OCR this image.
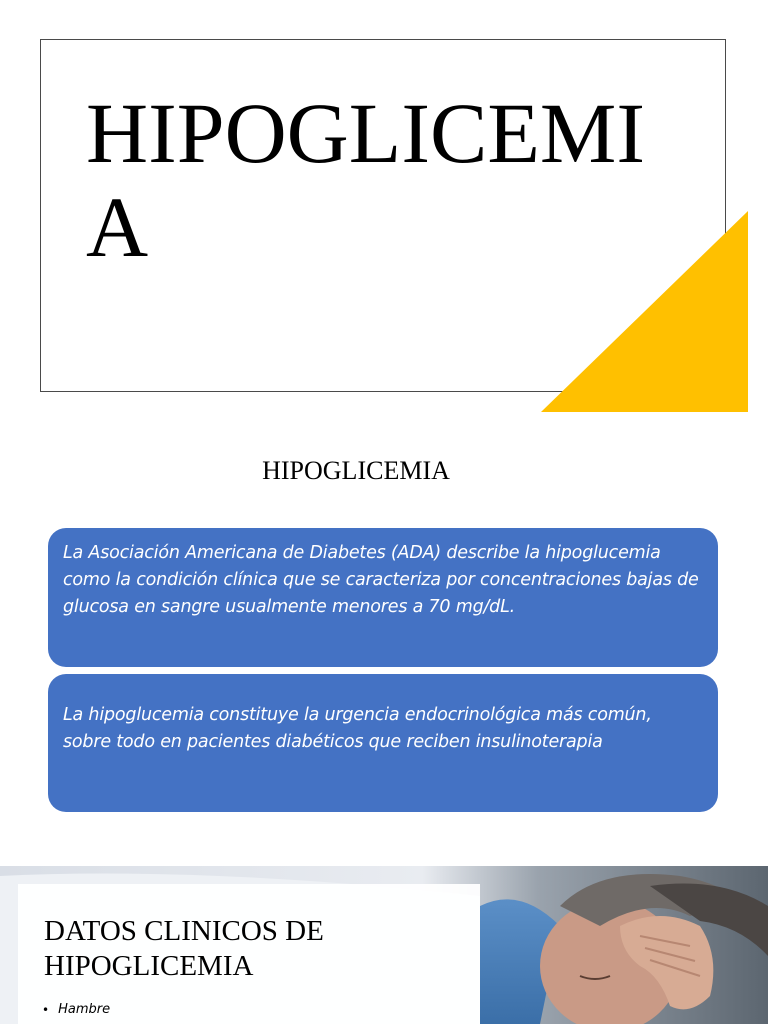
HIPOGLICEMIA
HIPOGLICEMIA
La Asociación Americana de Diabetes (ADA) describe la hipoglucemia como la condición clínica que se caracteriza por concentraciones bajas de glucosa en sangre usualmente menores a 70 mg/dL.
La hipoglucemia constituye la urgencia endocrinológica más común, sobre todo en pacientes diabéticos que reciben insulinoterapia
DATOS CLINICOS DE HIPOGLICEMIA
• Hambre
